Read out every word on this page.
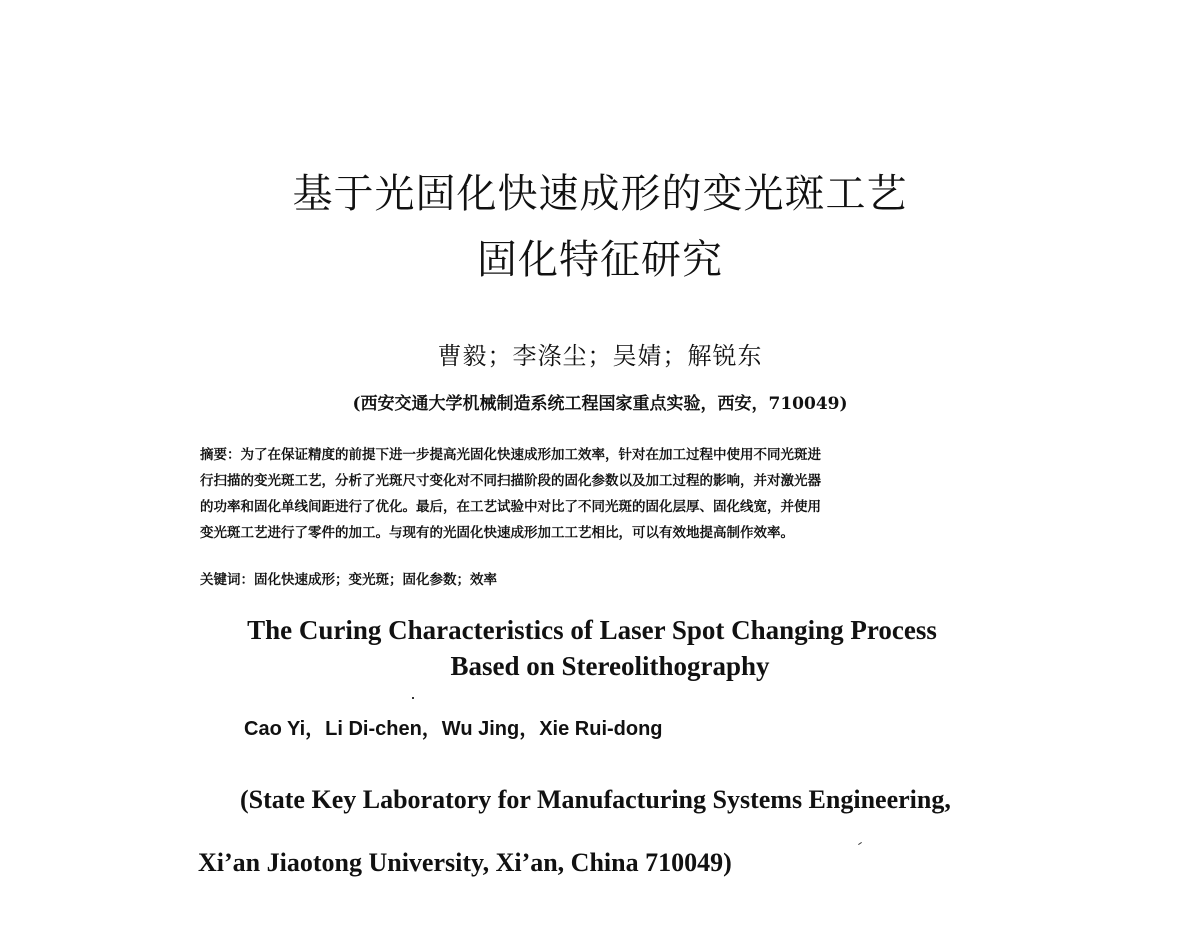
基于光固化快速成形的变光斑工艺
固化特征研究

曹毅；李涤尘；吴婧；解锐东

(西安交通大学机械制造系统工程国家重点实验，西安，710049)

摘要：为了在保证精度的前提下进一步提高光固化快速成形加工效率，针对在加工过程中使用不同光斑进
行扫描的变光斑工艺，分析了光斑尺寸变化对不同扫描阶段的固化参数以及加工过程的影响，并对激光器
的功率和固化单线间距进行了优化。最后，在工艺试验中对比了不同光斑的固化层厚、固化线宽，并使用
变光斑工艺进行了零件的加工。与现有的光固化快速成形加工工艺相比，可以有效地提高制作效率。

关键词：固化快速成形；变光斑；固化参数；效率

The Curing Characteristics of Laser Spot Changing Process
Based on Stereolithography

Cao Yi，Li Di-chen，Wu Jing，Xie Rui-dong

(State Key Laboratory for Manufacturing Systems Engineering,

Xi’an Jiaotong University, Xi’an, China 710049)
